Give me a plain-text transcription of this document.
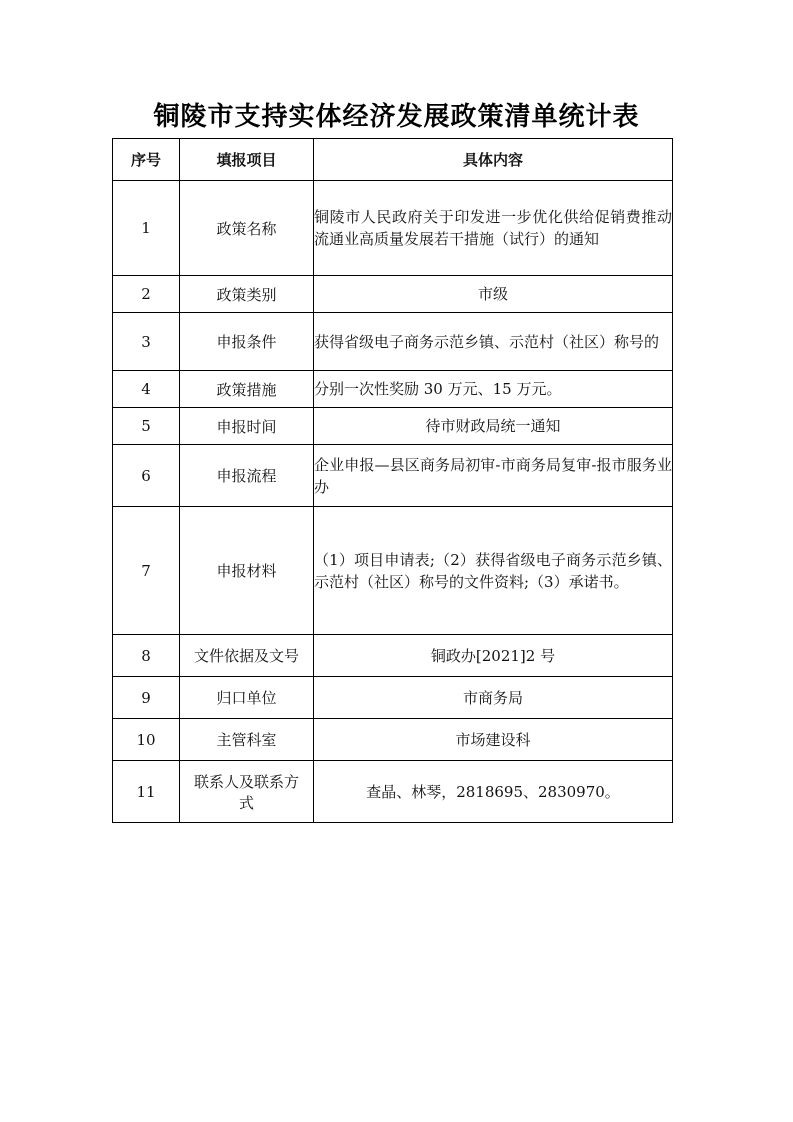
铜陵市支持实体经济发展政策清单统计表
序号	填报项目	具体内容
1	政策名称	铜陵市人民政府关于印发进一步优化供给促销费推动流通业高质量发展若干措施（试行）的通知
2	政策类别	市级
3	申报条件	获得省级电子商务示范乡镇、示范村（社区）称号的
4	政策措施	分别一次性奖励 30 万元、15 万元。
5	申报时间	待市财政局统一通知
6	申报流程	企业申报—县区商务局初审-市商务局复审-报市服务业办
7	申报材料	（1）项目申请表;（2）获得省级电子商务示范乡镇、示范村（社区）称号的文件资料;（3）承诺书。
8	文件依据及文号	铜政办[2021]2 号
9	归口单位	市商务局
10	主管科室	市场建设科
11	联系人及联系方式	查晶、林琴，2818695、2830970。
